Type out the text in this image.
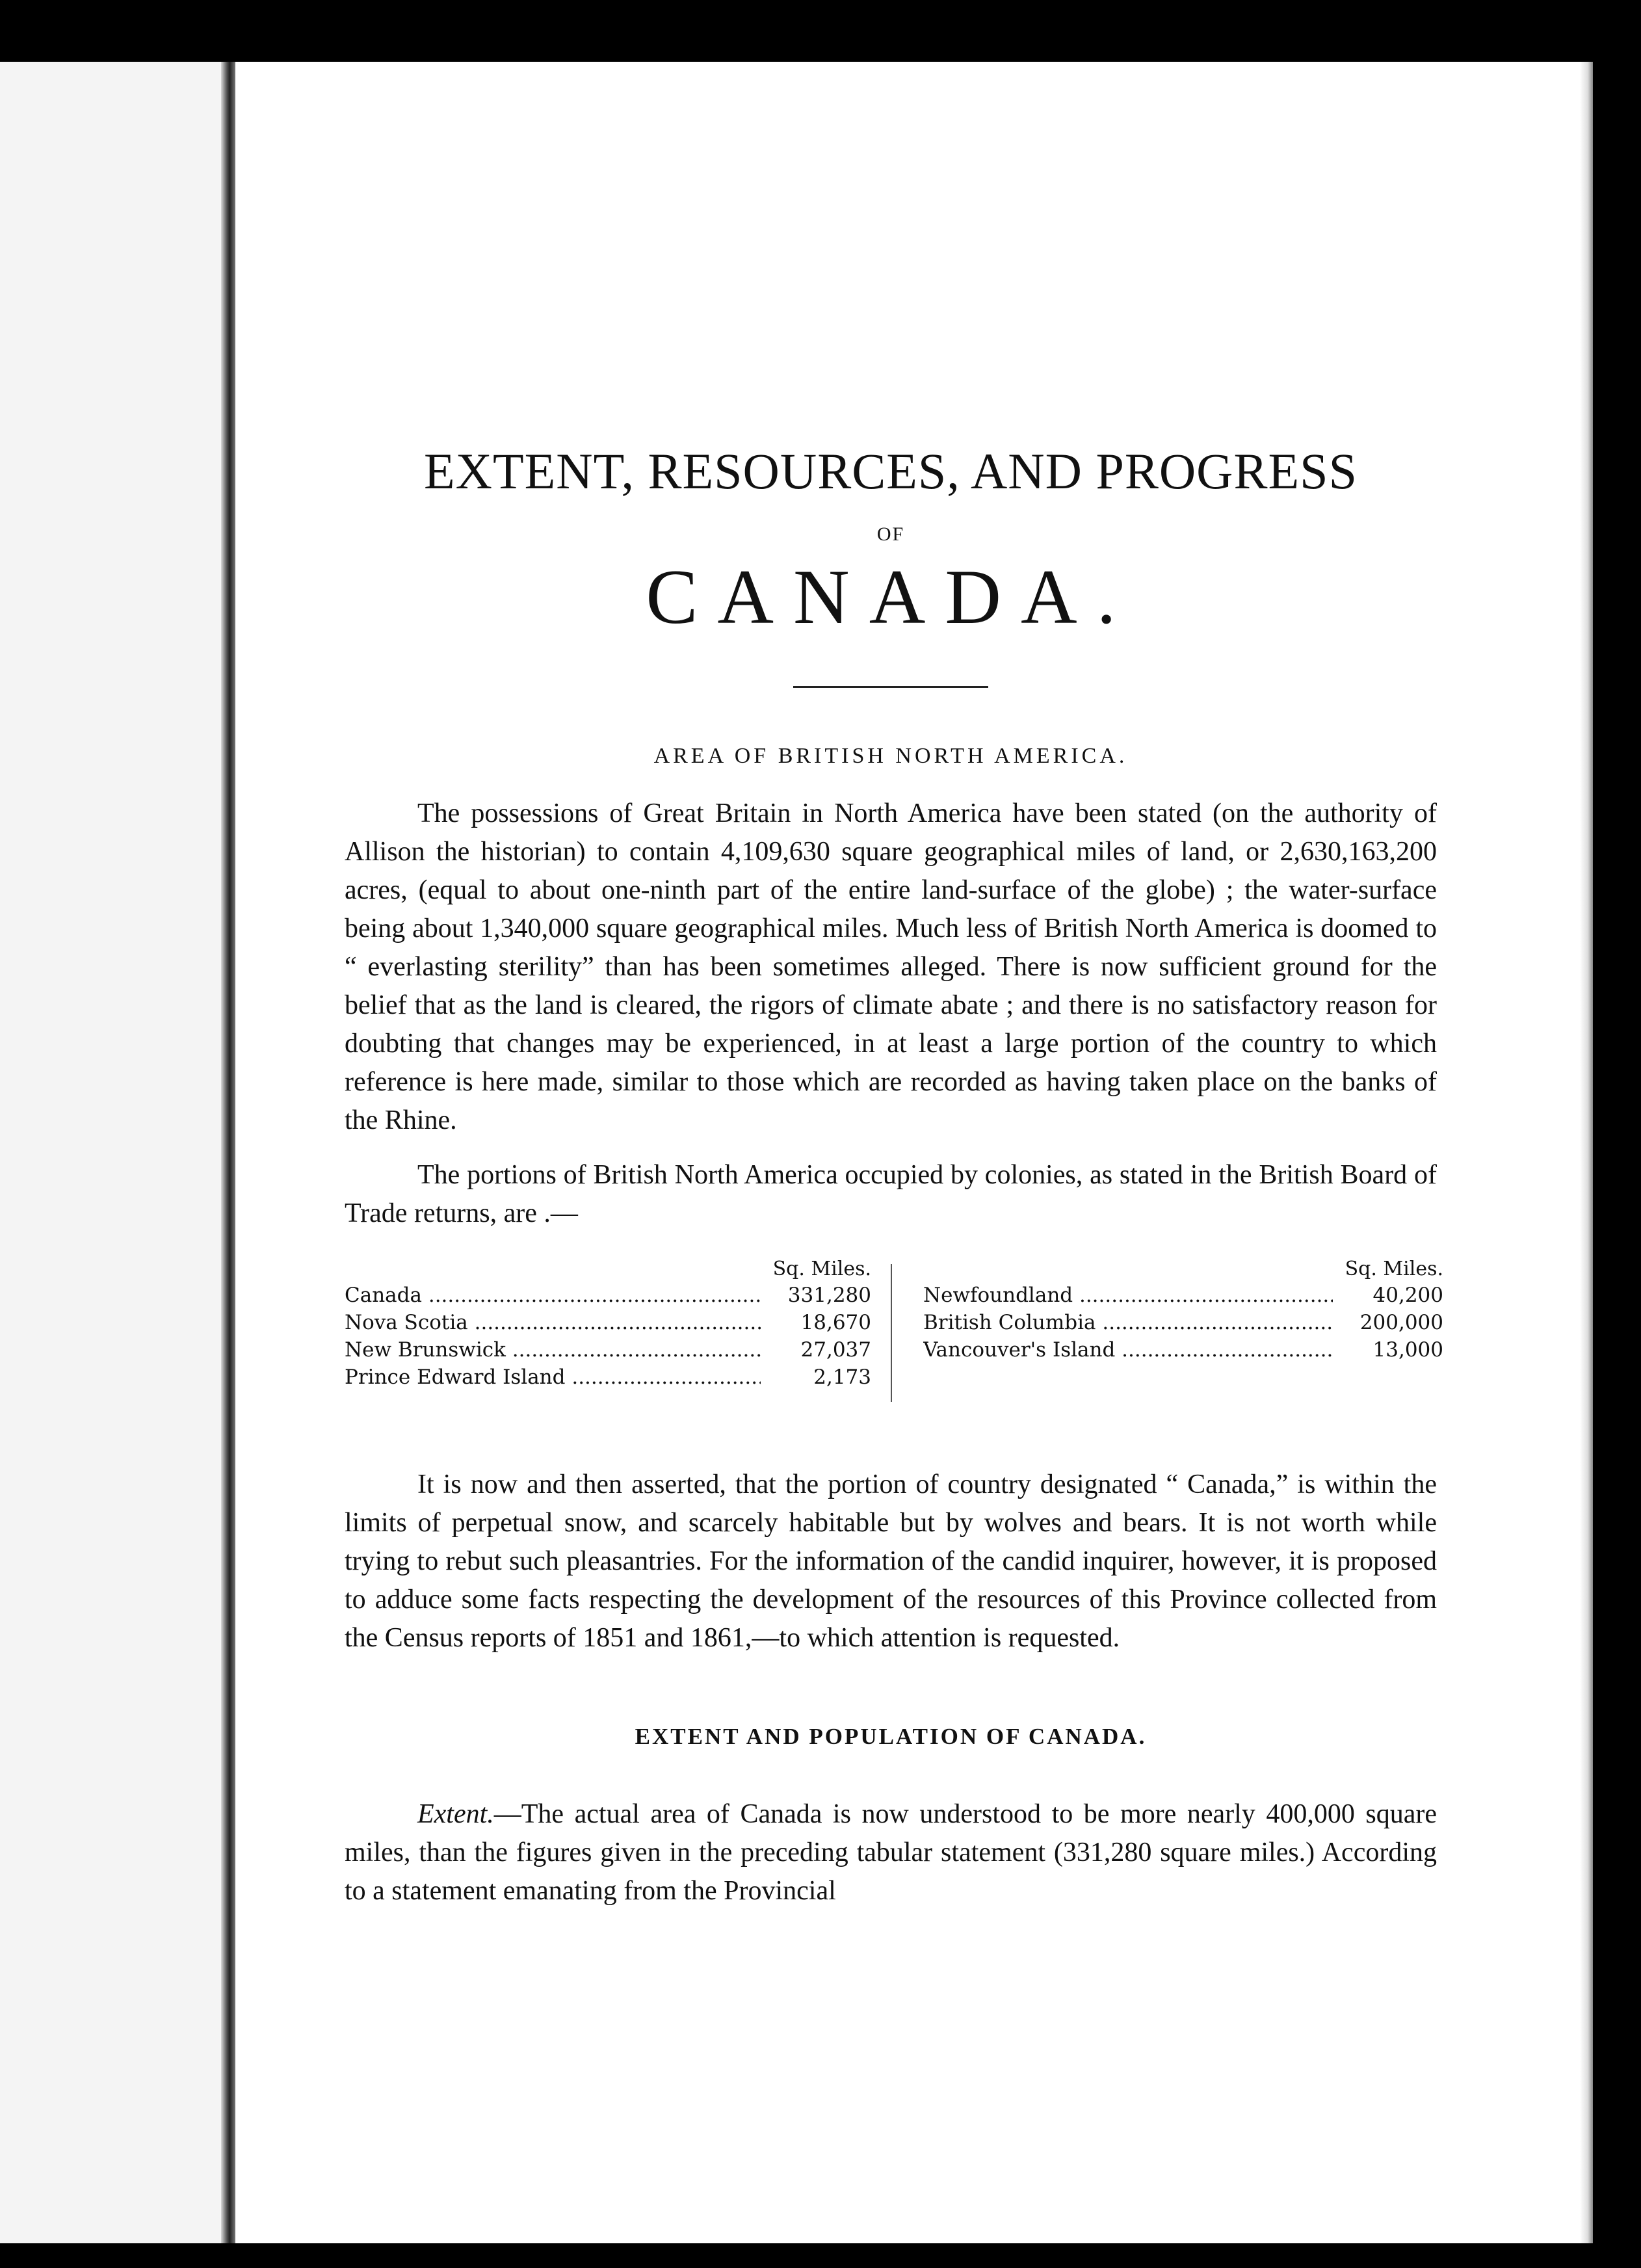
EXTENT, RESOURCES, AND PROGRESS
OF
CANADA.
AREA OF BRITISH NORTH AMERICA.

The possessions of Great Britain in North America have been stated (on the authority of Allison the historian) to contain 4,109,630 square geographical miles of land, or 2,630,163,200 acres, (equal to about one-ninth part of the entire land-surface of the globe) ; the water-surface being about 1,340,000 square geographical miles. Much less of British North America is doomed to “ everlasting sterility” than has been sometimes alleged. There is now sufficient ground for the belief that as the land is cleared, the rigors of climate abate ; and there is no satisfactory reason for doubting that changes may be experienced, in at least a large portion of the country to which reference is here made, similar to those which are recorded as having taken place on the banks of the Rhine.

The portions of British North America occupied by colonies, as stated in the British Board of Trade returns, are .—

Sq. Miles.
Canada .....	331,280
Nova Scotia .....	18,670
New Brunswick .....	27,037
Prince Edward Island .....	2,173
Sq. Miles.
Newfoundland .....	40,200
British Columbia .....	200,000
Vancouver's Island .....	13,000

It is now and then asserted, that the portion of country designated “ Canada,” is within the limits of perpetual snow, and scarcely habitable but by wolves and bears. It is not worth while trying to rebut such pleasantries. For the information of the candid inquirer, however, it is proposed to adduce some facts respecting the development of the resources of this Province collected from the Census reports of 1851 and 1861,—to which attention is requested.

EXTENT AND POPULATION OF CANADA.

Extent.—The actual area of Canada is now understood to be more nearly 400,000 square miles, than the figures given in the preceding tabular statement (331,280 square miles.) According to a statement emanating from the Provincial
